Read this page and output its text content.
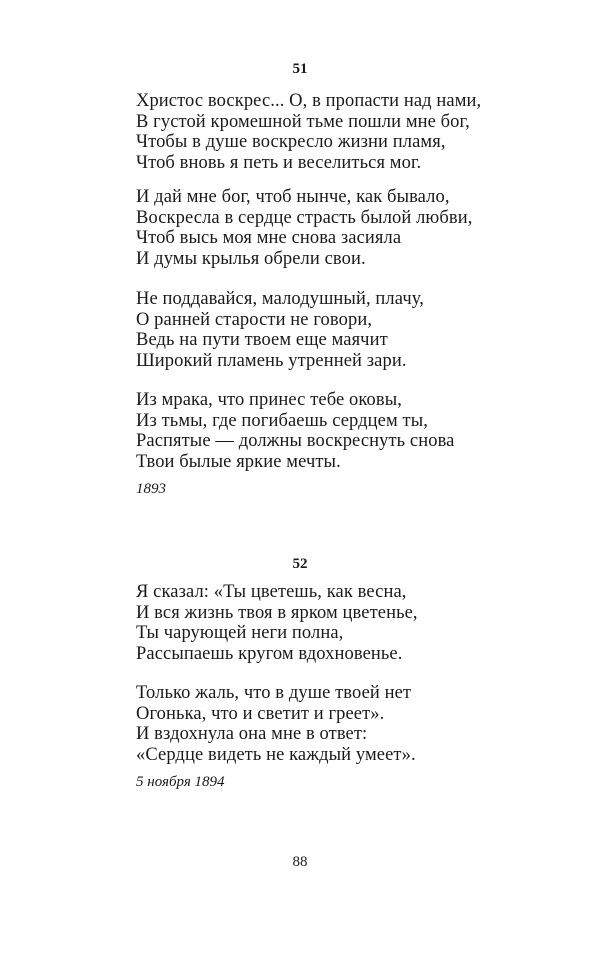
51
Христос воскрес... О, в пропасти над нами,
В густой кромешной тьме пошли мне бог,
Чтобы в душе воскресло жизни пламя,
Чтоб вновь я петь и веселиться мог.
И дай мне бог, чтоб нынче, как бывало,
Воскресла в сердце страсть былой любви,
Чтоб высь моя мне снова засияла
И думы крылья обрели свои.
Не поддавайся, малодушный, плачу,
О ранней старости не говори,
Ведь на пути твоем еще маячит
Широкий пламень утренней зари.
Из мрака, что принес тебе оковы,
Из тьмы, где погибаешь сердцем ты,
Распятые — должны воскреснуть снова
Твои былые яркие мечты.
1893
52
Я сказал: «Ты цветешь, как весна,
И вся жизнь твоя в ярком цветенье,
Ты чарующей неги полна,
Рассыпаешь кругом вдохновенье.
Только жаль, что в душе твоей нет
Огонька, что и светит и греет».
И вздохнула она мне в ответ:
«Сердце видеть не каждый умеет».
5 ноября 1894
88
